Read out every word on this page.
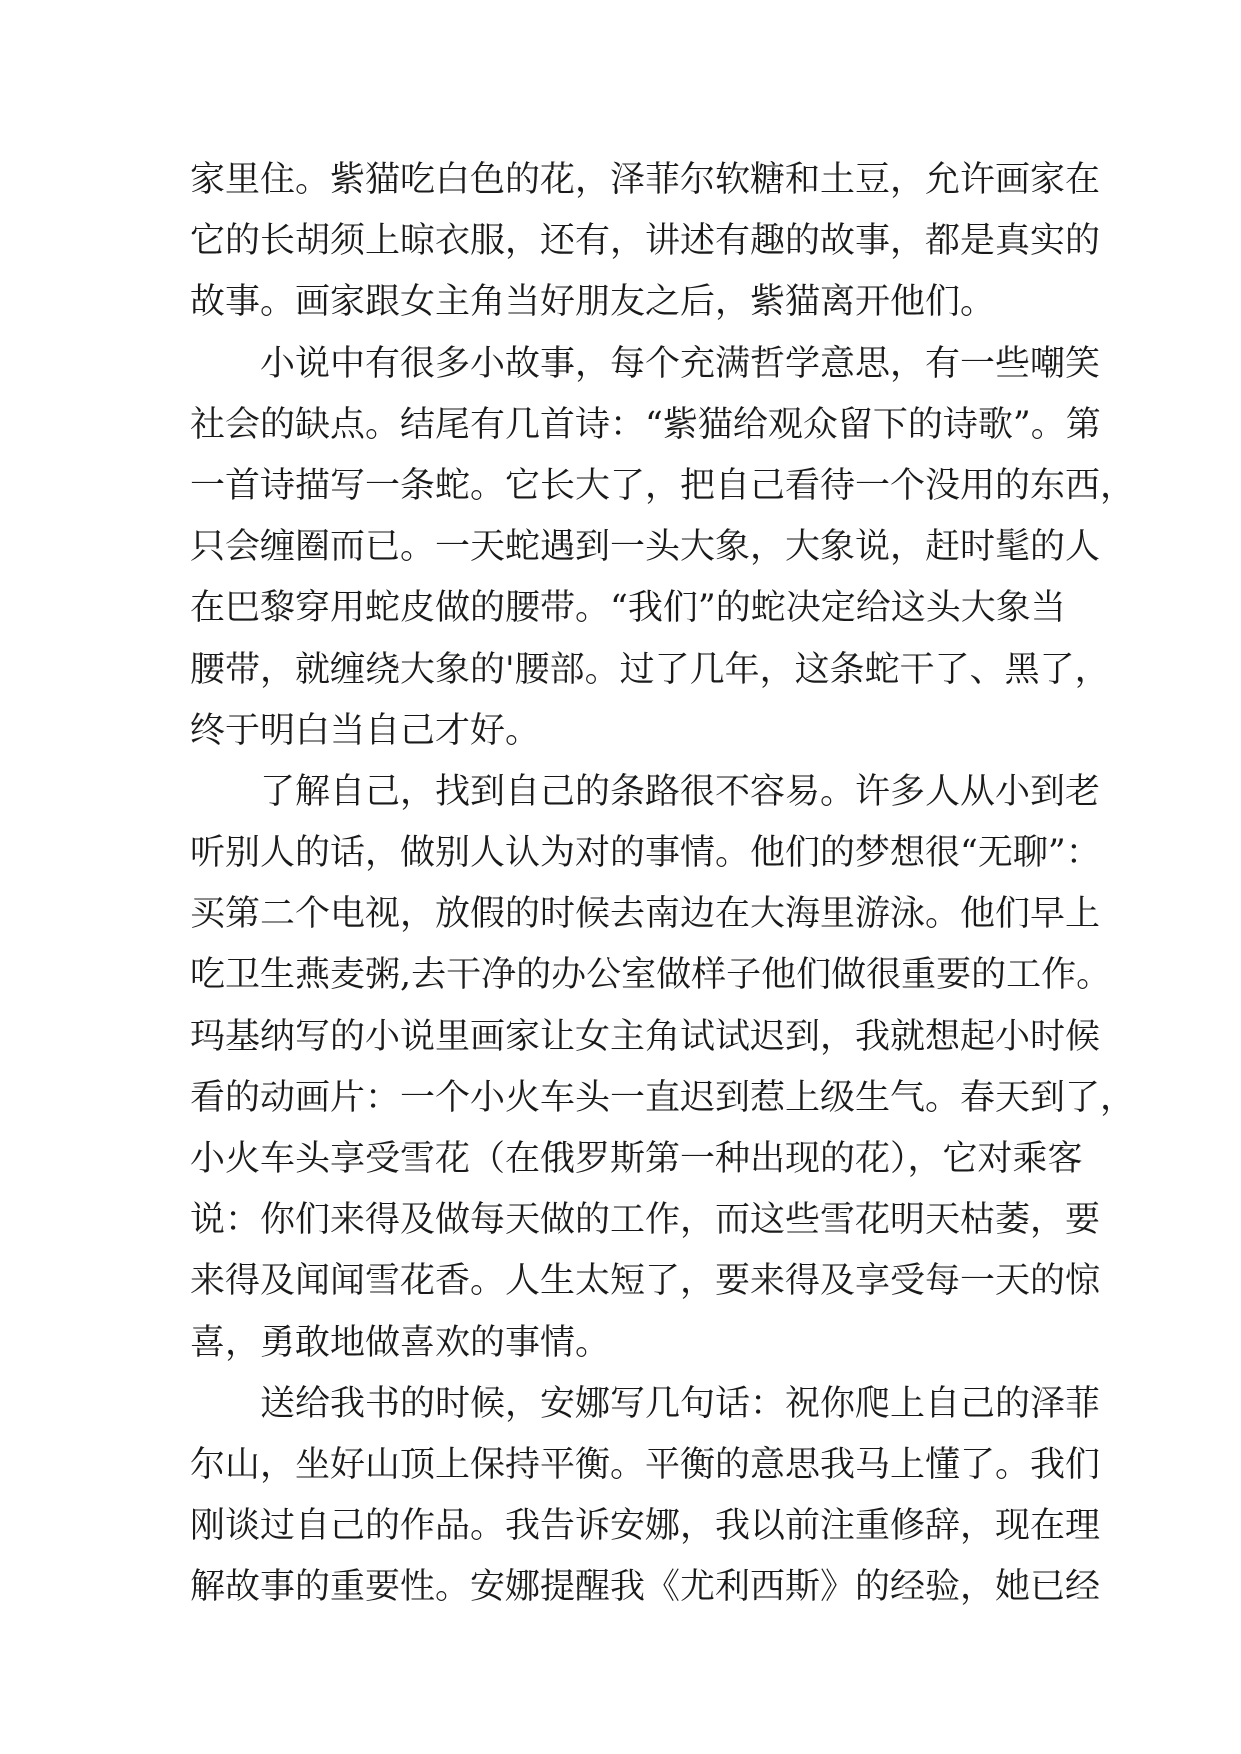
家里住。紫猫吃白色的花，泽菲尔软糖和土豆，允许画家在
它的长胡须上晾衣服，还有，讲述有趣的故事，都是真实的
故事。画家跟女主角当好朋友之后，紫猫离开他们。
　　小说中有很多小故事，每个充满哲学意思，有一些嘲笑
社会的缺点。结尾有几首诗：“紫猫给观众留下的诗歌”。第
一首诗描写一条蛇。它长大了，把自己看待一个没用的东西，
只会缠圈而已。一天蛇遇到一头大象，大象说，赶时髦的人
在巴黎穿用蛇皮做的腰带。“我们”的蛇决定给这头大象当
腰带，就缠绕大象的'腰部。过了几年，这条蛇干了、黑了，
终于明白当自己才好。
　　了解自己，找到自己的条路很不容易。许多人从小到老
听别人的话，做别人认为对的事情。他们的梦想很“无聊”：
买第二个电视，放假的时候去南边在大海里游泳。他们早上
吃卫生燕麦粥,去干净的办公室做样子他们做很重要的工作。
玛基纳写的小说里画家让女主角试试迟到，我就想起小时候
看的动画片：一个小火车头一直迟到惹上级生气。春天到了，
小火车头享受雪花（在俄罗斯第一种出现的花），它对乘客
说：你们来得及做每天做的工作，而这些雪花明天枯萎，要
来得及闻闻雪花香。人生太短了，要来得及享受每一天的惊
喜，勇敢地做喜欢的事情。
　　送给我书的时候，安娜写几句话：祝你爬上自己的泽菲
尔山，坐好山顶上保持平衡。平衡的意思我马上懂了。我们
刚谈过自己的作品。我告诉安娜，我以前注重修辞，现在理
解故事的重要性。安娜提醒我《尤利西斯》的经验，她已经
